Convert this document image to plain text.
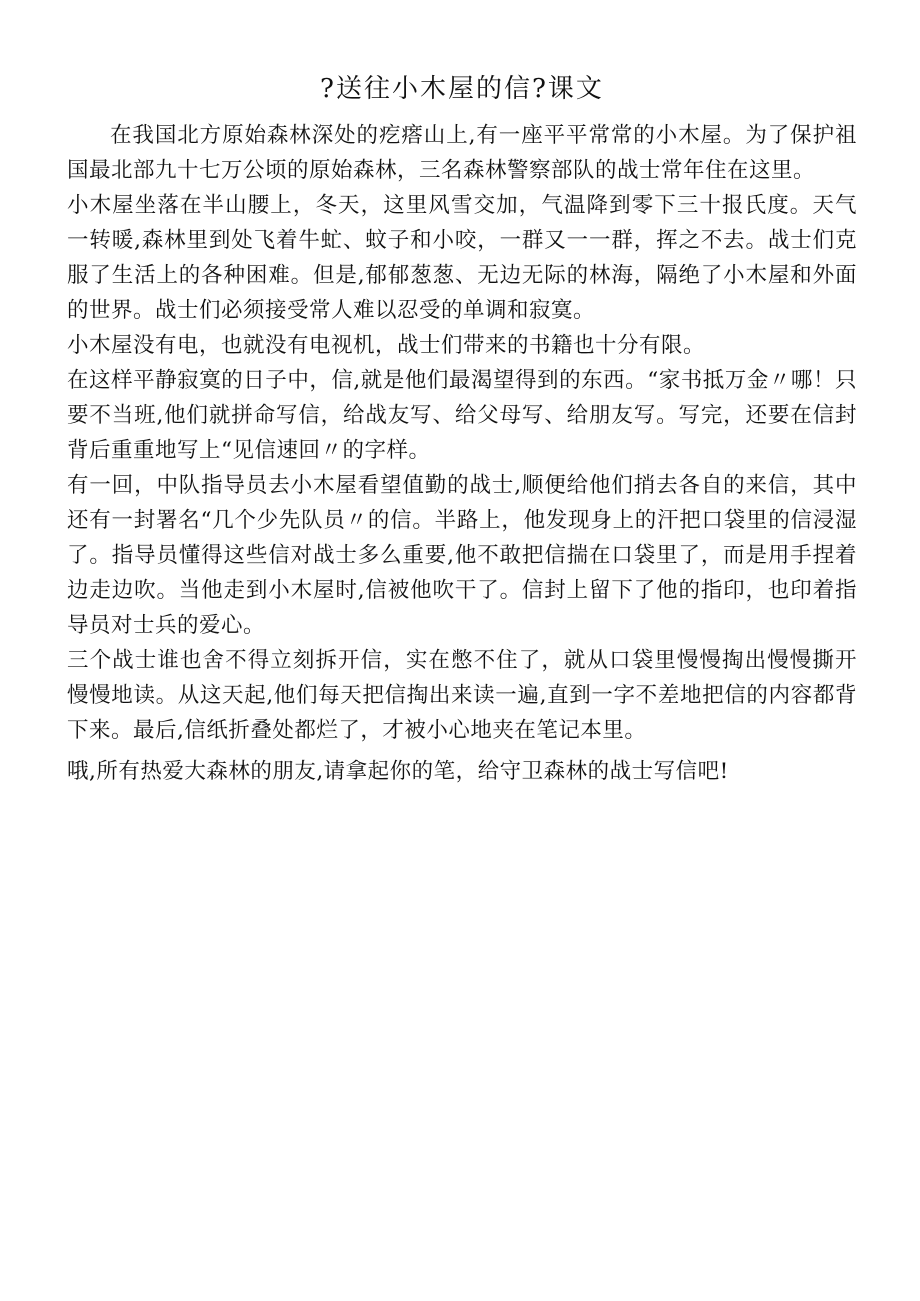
?送往小木屋的信?课文

在我国北方原始森林深处的疙瘩山上,有一座平平常常的小木屋。为了保护祖国最北部九十七万公顷的原始森林，三名森林警察部队的战士常年住在这里。

小木屋坐落在半山腰上，冬天，这里风雪交加，气温降到零下三十报氏度。天气一转暖,森林里到处飞着牛虻、蚊子和小咬，一群又一一群，挥之不去。战士们克服了生活上的各种困难。但是,郁郁葱葱、无边无际的林海，隔绝了小木屋和外面的世界。战士们必须接受常人难以忍受的单调和寂寞。

小木屋没有电，也就没有电视机，战士们带来的书籍也十分有限。

在这样平静寂寞的日子中，信,就是他们最渴望得到的东西。“家书抵万金〃哪！只要不当班,他们就拼命写信，给战友写、给父母写、给朋友写。写完，还要在信封背后重重地写上“见信速回〃的字样。

有一回，中队指导员去小木屋看望值勤的战士,顺便给他们捎去各自的来信，其中还有一封署名“几个少先队员〃的信。半路上，他发现身上的汗把口袋里的信浸湿了。指导员懂得这些信对战士多么重要,他不敢把信揣在口袋里了，而是用手捏着边走边吹。当他走到小木屋时,信被他吹干了。信封上留下了他的指印，也印着指导员对士兵的爱心。

三个战士谁也舍不得立刻拆开信，实在憋不住了，就从口袋里慢慢掏出慢慢撕开慢慢地读。从这天起,他们每天把信掏出来读一遍,直到一字不差地把信的内容都背下来。最后,信纸折叠处都烂了，才被小心地夹在笔记本里。

哦,所有热爱大森林的朋友,请拿起你的笔，给守卫森林的战士写信吧!
